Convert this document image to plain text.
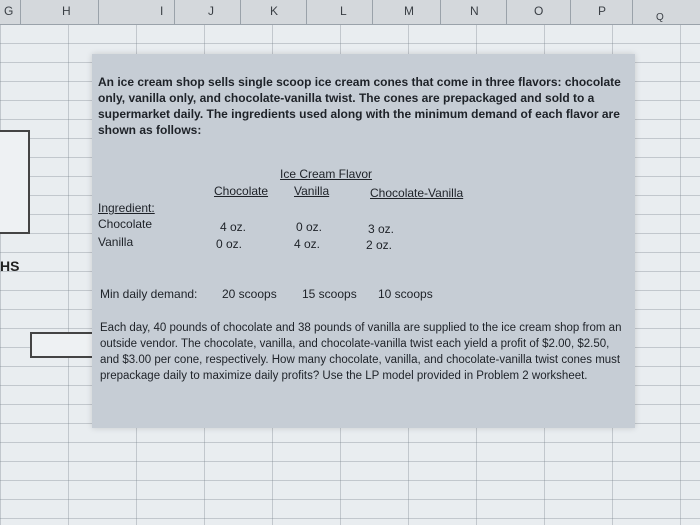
G	H	I	J	K	L	M	N	O	P	Q
HS
An ice cream shop sells single scoop ice cream cones that come in three flavors: chocolate only, vanilla only, and chocolate-vanilla twist. The cones are prepackaged and sold to a supermarket daily. The ingredients used along with the minimum demand of each flavor are shown as follows:
Ice Cream Flavor
Chocolate Vanilla	Chocolate-Vanilla
Ingredient:
Chocolate	4 oz.	0 oz.	3 oz.
Vanilla	0 oz.	4 oz.	2 oz.
Min daily demand: 20 scoops 15 scoops 10 scoops
Each day, 40 pounds of chocolate and 38 pounds of vanilla are supplied to the ice cream shop from an outside vendor. The chocolate, vanilla, and chocolate-vanilla twist each yield a profit of $2.00, $2.50, and $3.00 per cone, respectively. How many chocolate, vanilla, and chocolate-vanilla twist cones must prepackage daily to maximize daily profits? Use the LP model provided in Problem 2 worksheet.
